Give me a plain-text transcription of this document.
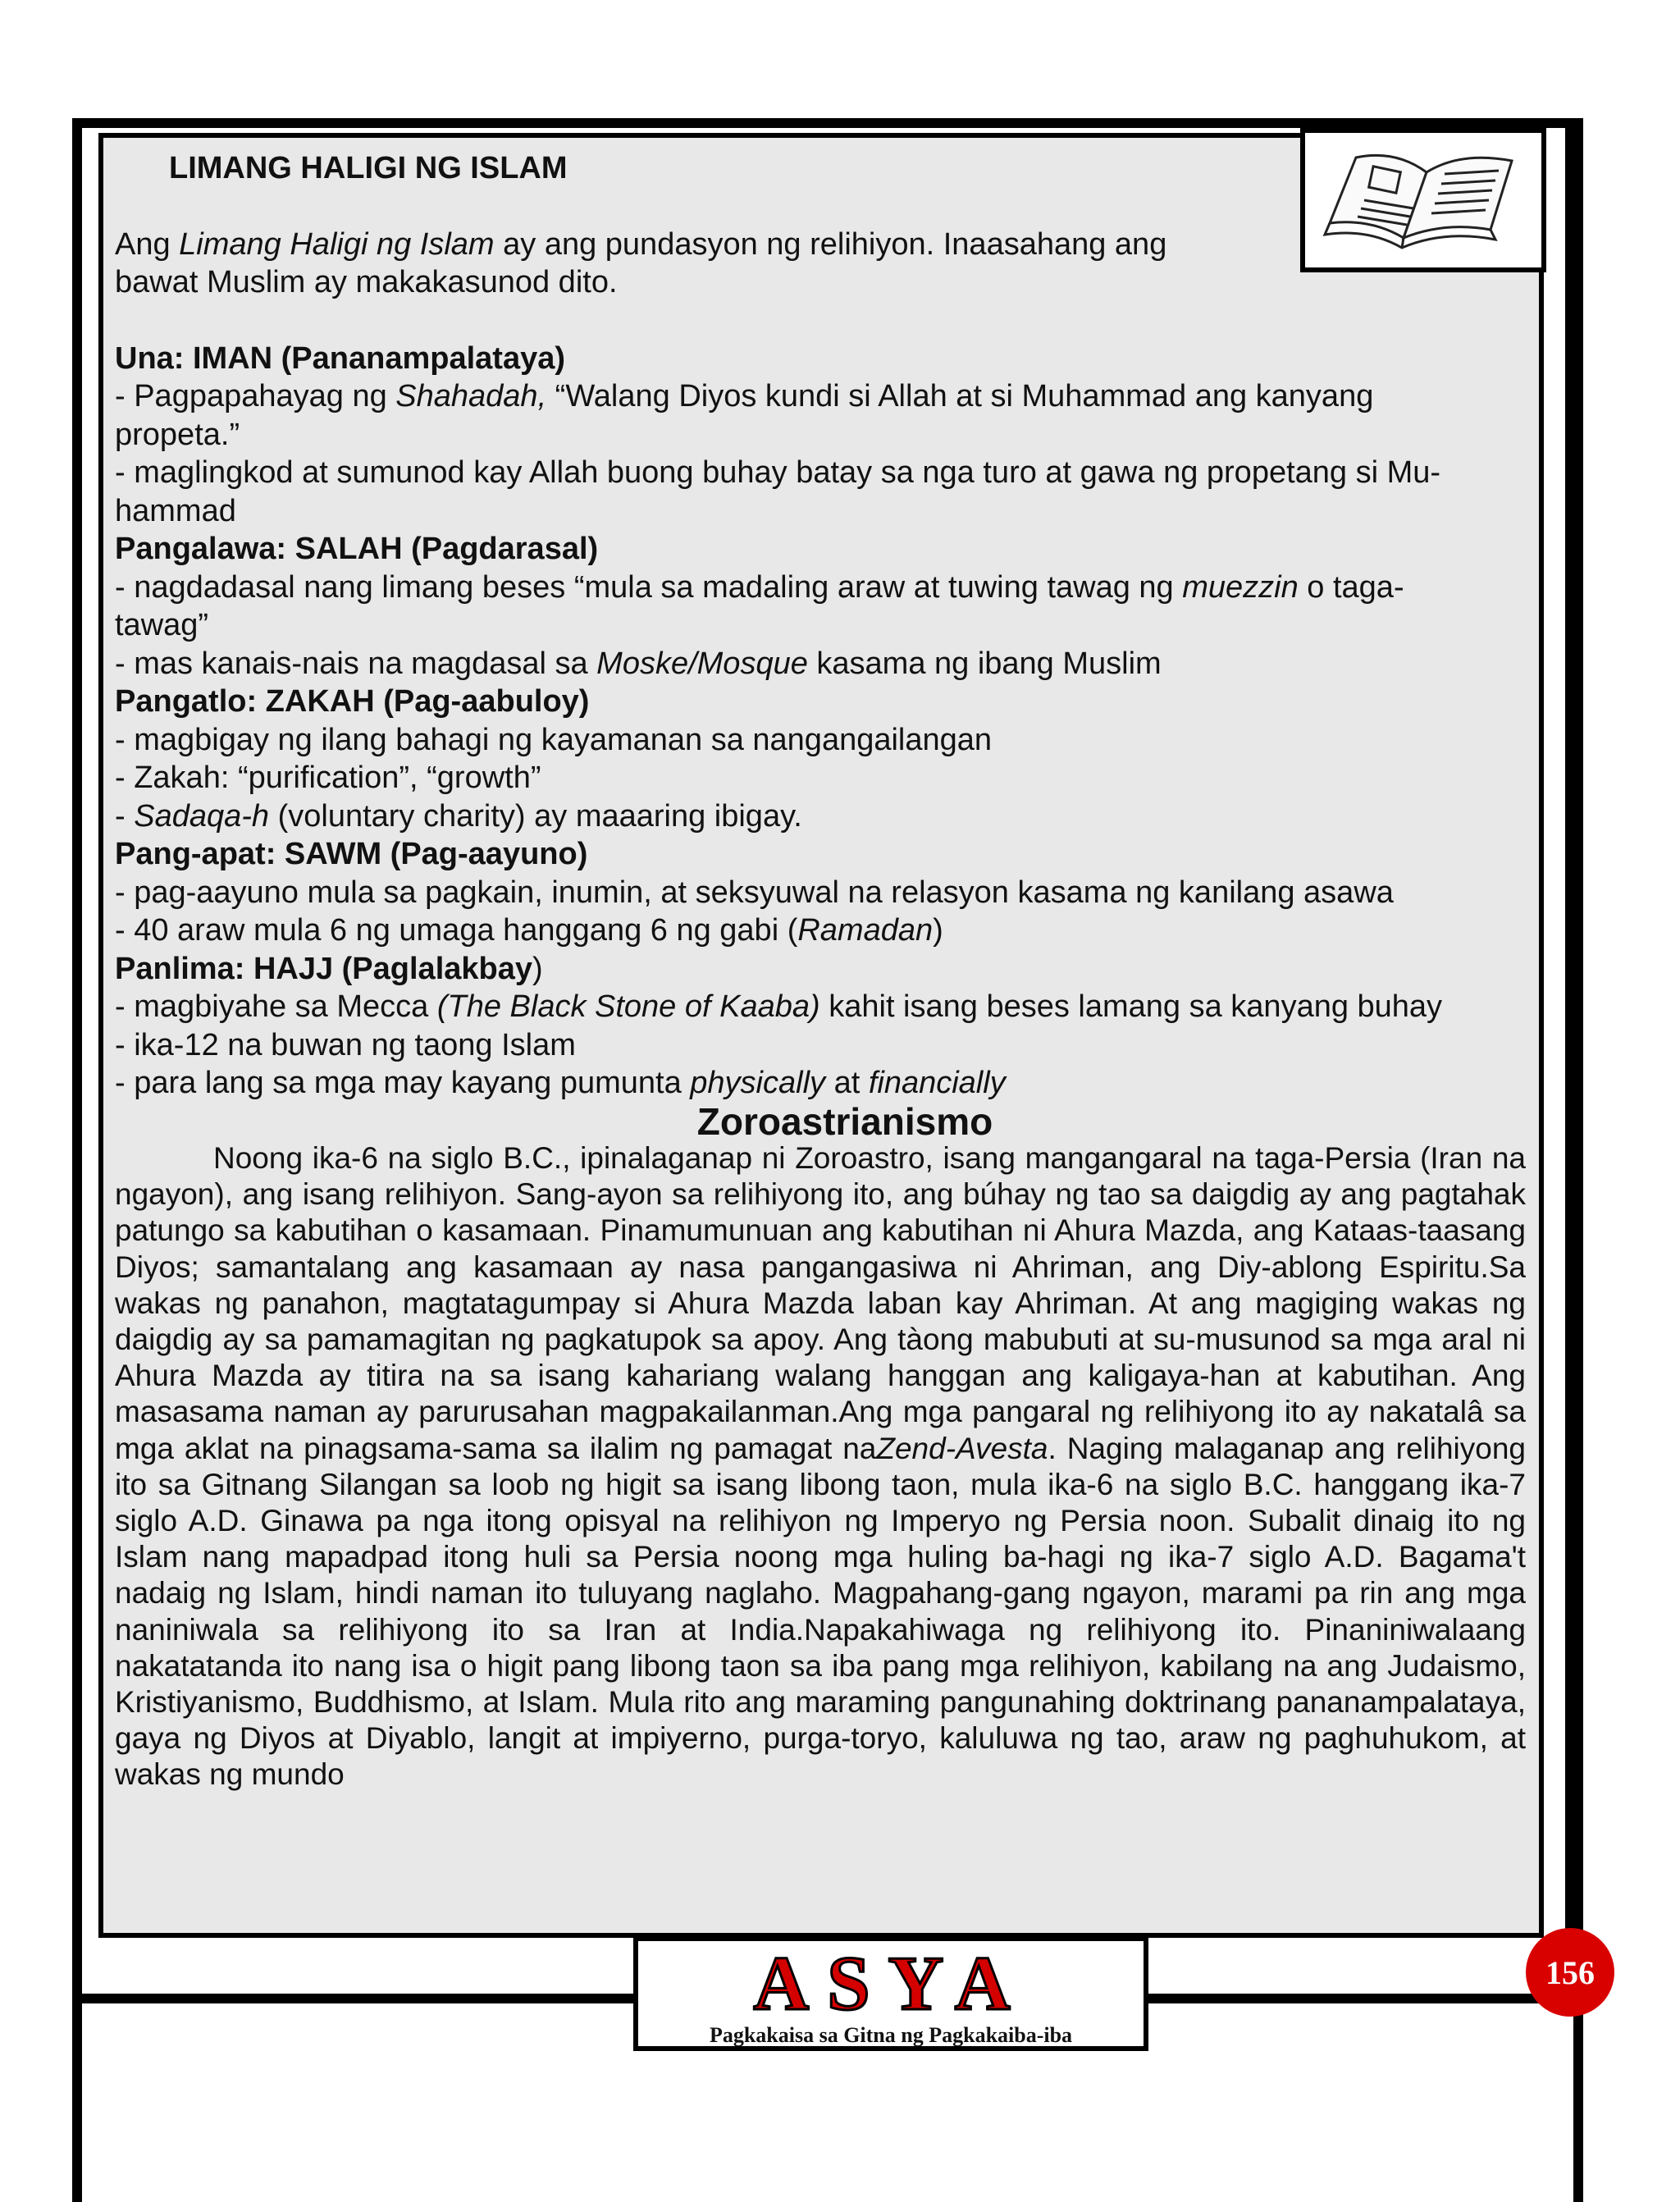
LIMANG HALIGI NG ISLAM

Ang Limang Haligi ng Islam ay ang pundasyon ng relihiyon. Inaasahang ang

bawat Muslim ay makakasunod dito.

Una: IMAN (Pananampalataya)

- Pagpapahayag ng Shahadah, “Walang Diyos kundi si Allah at si Muhammad ang kanyang

propeta.”

- maglingkod at sumunod kay Allah buong buhay batay sa nga turo at gawa ng propetang si Mu-

hammad

Pangalawa: SALAH (Pagdarasal)

- nagdadasal nang limang beses “mula sa madaling araw at tuwing tawag ng muezzin o taga-

tawag”

- mas kanais-nais na magdasal sa Moske/Mosque kasama ng ibang Muslim

Pangatlo: ZAKAH (Pag-aabuloy)

- magbigay ng ilang bahagi ng kayamanan sa nangangailangan

- Zakah: “purification”, “growth”

- Sadaqa-h (voluntary charity) ay maaaring ibigay.

Pang-apat: SAWM (Pag-aayuno)

- pag-aayuno mula sa pagkain, inumin, at seksyuwal na relasyon kasama ng kanilang asawa

- 40 araw mula 6 ng umaga hanggang 6 ng gabi (Ramadan)

Panlima: HAJJ (Paglalakbay)

- magbiyahe sa Mecca (The Black Stone of Kaaba) kahit isang beses lamang sa kanyang buhay

- ika-12 na buwan ng taong Islam

- para lang sa mga may kayang pumunta physically at financially

Zoroastrianismo

Noong ika-6 na siglo B.C., ipinalaganap ni Zoroastro, isang mangangaral na taga-Persia (Iran na ngayon), ang isang relihiyon. Sang-ayon sa relihiyong ito, ang búhay ng tao sa daigdig ay ang pagtahak patungo sa kabutihan o kasamaan. Pinamumunuan ang kabutihan ni Ahura Mazda, ang Kataas-taasang Diyos; samantalang ang kasamaan ay nasa pangangasiwa ni Ahriman, ang Diy-ablong Espiritu.Sa wakas ng panahon, magtatagumpay si Ahura Mazda laban kay Ahriman. At ang magiging wakas ng daigdig ay sa pamamagitan ng pagkatupok sa apoy. Ang tàong mabubuti at su-musunod sa mga aral ni Ahura Mazda ay titira na sa isang kahariang walang hanggan ang kaligaya-han at kabutihan. Ang masasama naman ay parurusahan magpakailanman.Ang mga pangaral ng relihiyong ito ay nakatalâ sa mga aklat na pinagsama-sama sa ilalim ng pamagat naZend-Avesta. Naging malaganap ang relihiyong ito sa Gitnang Silangan sa loob ng higit sa isang libong taon, mula ika-6 na siglo B.C. hanggang ika-7 siglo A.D. Ginawa pa nga itong opisyal na relihiyon ng Imperyo ng Persia noon. Subalit dinaig ito ng Islam nang mapadpad itong huli sa Persia noong mga huling ba-hagi ng ika-7 siglo A.D. Bagama't nadaig ng Islam, hindi naman ito tuluyang naglaho. Magpahang-gang ngayon, marami pa rin ang mga naniniwala sa relihiyong ito sa Iran at India.Napakahiwaga ng relihiyong ito. Pinaniniwalaang nakatatanda ito nang isa o higit pang libong taon sa iba pang mga relihiyon, kabilang na ang Judaismo, Kristiyanismo, Buddhismo, at Islam. Mula rito ang maraming pangunahing doktrinang pananampalataya, gaya ng Diyos at Diyablo, langit at impiyerno, purga-toryo, kaluluwa ng tao, araw ng paghuhukom, at wakas ng mundo

ASYA
Pagkakaisa sa Gitna ng Pagkakaiba-iba
156
